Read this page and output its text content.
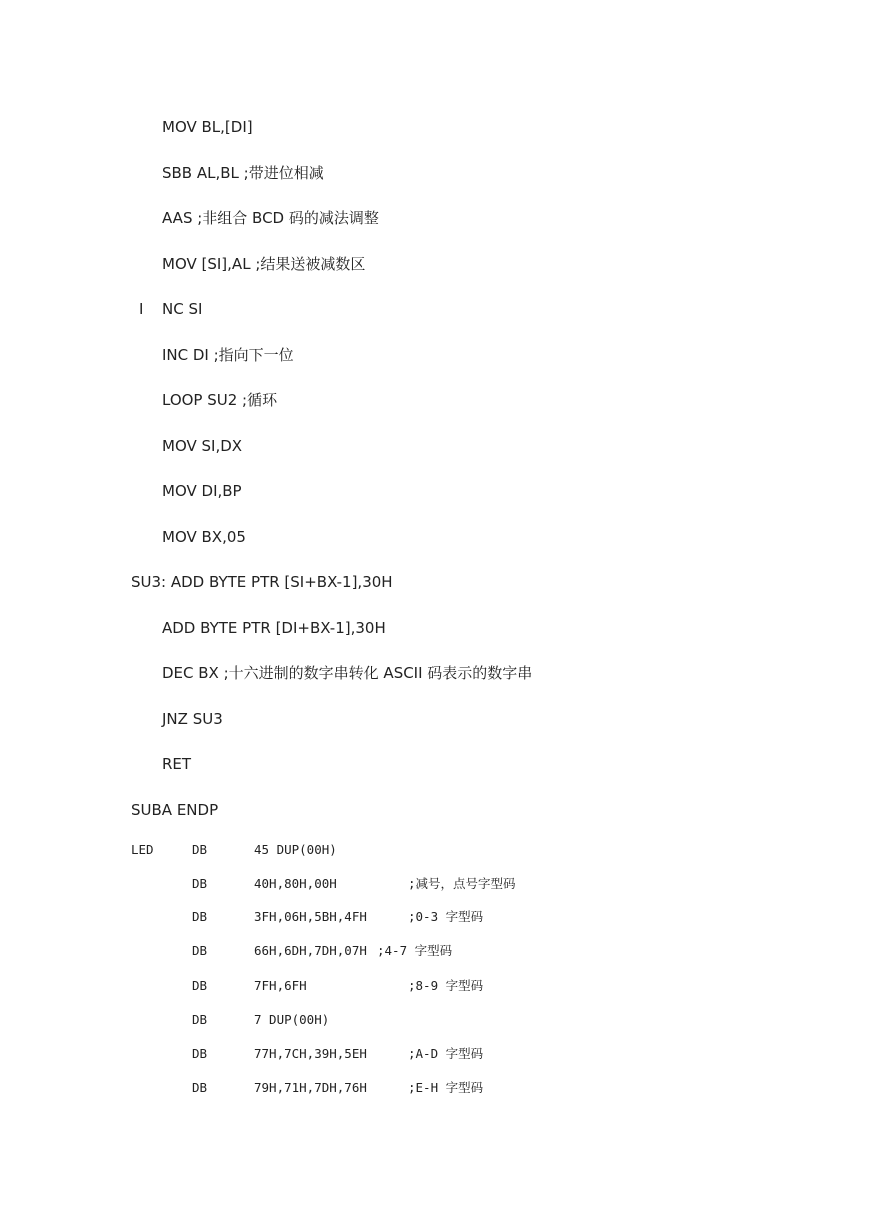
MOV BL,[DI]
SBB AL,BL ;带进位相减
AAS ;非组合 BCD 码的减法调整
MOV [SI],AL ;结果送被减数区
I NC SI
INC DI ;指向下一位
LOOP SU2 ;循环
MOV SI,DX
MOV DI,BP
MOV BX,05
SU3: ADD BYTE PTR [SI+BX-1],30H
ADD BYTE PTR [DI+BX-1],30H
DEC BX ;十六进制的数字串转化 ASCII 码表示的数字串
JNZ SU3
RET
SUBA ENDP
LED	DB	45 DUP(00H)
DB	40H,80H,00H	;减号，点号字型码
DB	3FH,06H,5BH,4FH	;0-3 字型码
DB	66H,6DH,7DH,07H ;4-7 字型码
DB	7FH,6FH	;8-9 字型码
DB	7 DUP(00H)
DB	77H,7CH,39H,5EH	;A-D 字型码
DB	79H,71H,7DH,76H	;E-H 字型码
